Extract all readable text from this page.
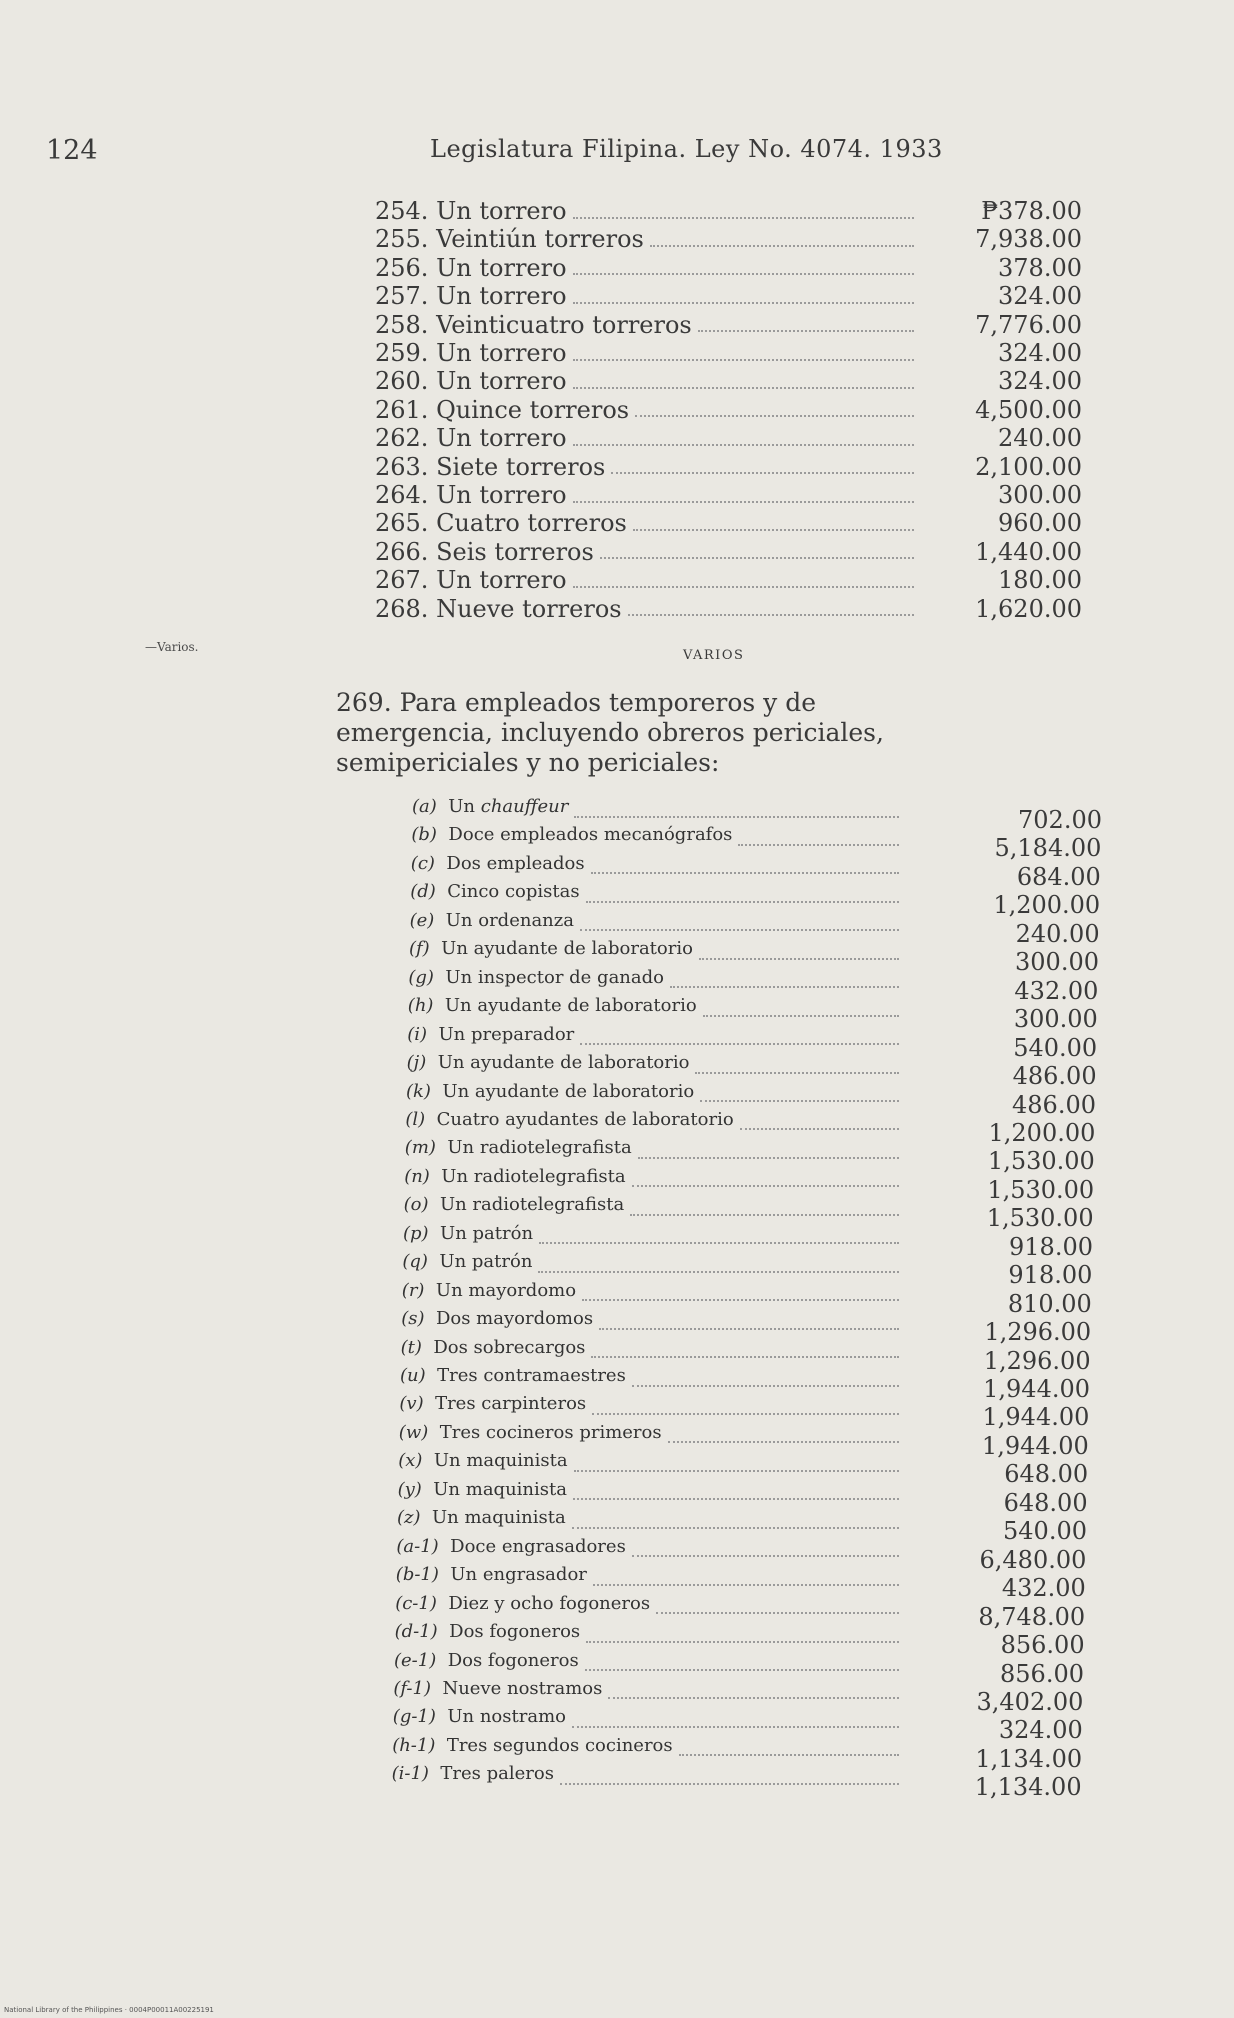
124	Legislatura Filipina. Ley No. 4074. 1933
254. Un torrero	₱378.00
255. Veintiún torreros	7,938.00
256. Un torrero	378.00
257. Un torrero	324.00
258. Veinticuatro torreros	7,776.00
259. Un torrero	324.00
260. Un torrero	324.00
261. Quince torreros	4,500.00
262. Un torrero	240.00
263. Siete torreros	2,100.00
264. Un torrero	300.00
265. Cuatro torreros	960.00
266. Seis torreros	1,440.00
267. Un torrero	180.00
268. Nueve torreros	1,620.00
—Varios.
VARIOS
269. Para empleados temporeros y de
emergencia, incluyendo obreros periciales,
semipericiales y no periciales:
(a) Un chauffeur	702.00
(b) Doce empleados mecanógrafos	5,184.00
(c) Dos empleados	684.00
(d) Cinco copistas	1,200.00
(e) Un ordenanza	240.00
(f) Un ayudante de laboratorio	300.00
(g) Un inspector de ganado	432.00
(h) Un ayudante de laboratorio	300.00
(i) Un preparador	540.00
(j) Un ayudante de laboratorio	486.00
(k) Un ayudante de laboratorio	486.00
(l) Cuatro ayudantes de laboratorio	1,200.00
(m) Un radiotelegrafista	1,530.00
(n) Un radiotelegrafista	1,530.00
(o) Un radiotelegrafista	1,530.00
(p) Un patrón	918.00
(q) Un patrón	918.00
(r) Un mayordomo	810.00
(s) Dos mayordomos	1,296.00
(t) Dos sobrecargos	1,296.00
(u) Tres contramaestres	1,944.00
(v) Tres carpinteros	1,944.00
(w) Tres cocineros primeros	1,944.00
(x) Un maquinista	648.00
(y) Un maquinista	648.00
(z) Un maquinista	540.00
(a-1) Doce engrasadores	6,480.00
(b-1) Un engrasador	432.00
(c-1) Diez y ocho fogoneros	8,748.00
(d-1) Dos fogoneros	856.00
(e-1) Dos fogoneros	856.00
(f-1) Nueve nostramos	3,402.00
(g-1) Un nostramo	324.00
(h-1) Tres segundos cocineros	1,134.00
(i-1) Tres paleros	1,134.00
National Library of the Philippines · 0004P00011A00225191
